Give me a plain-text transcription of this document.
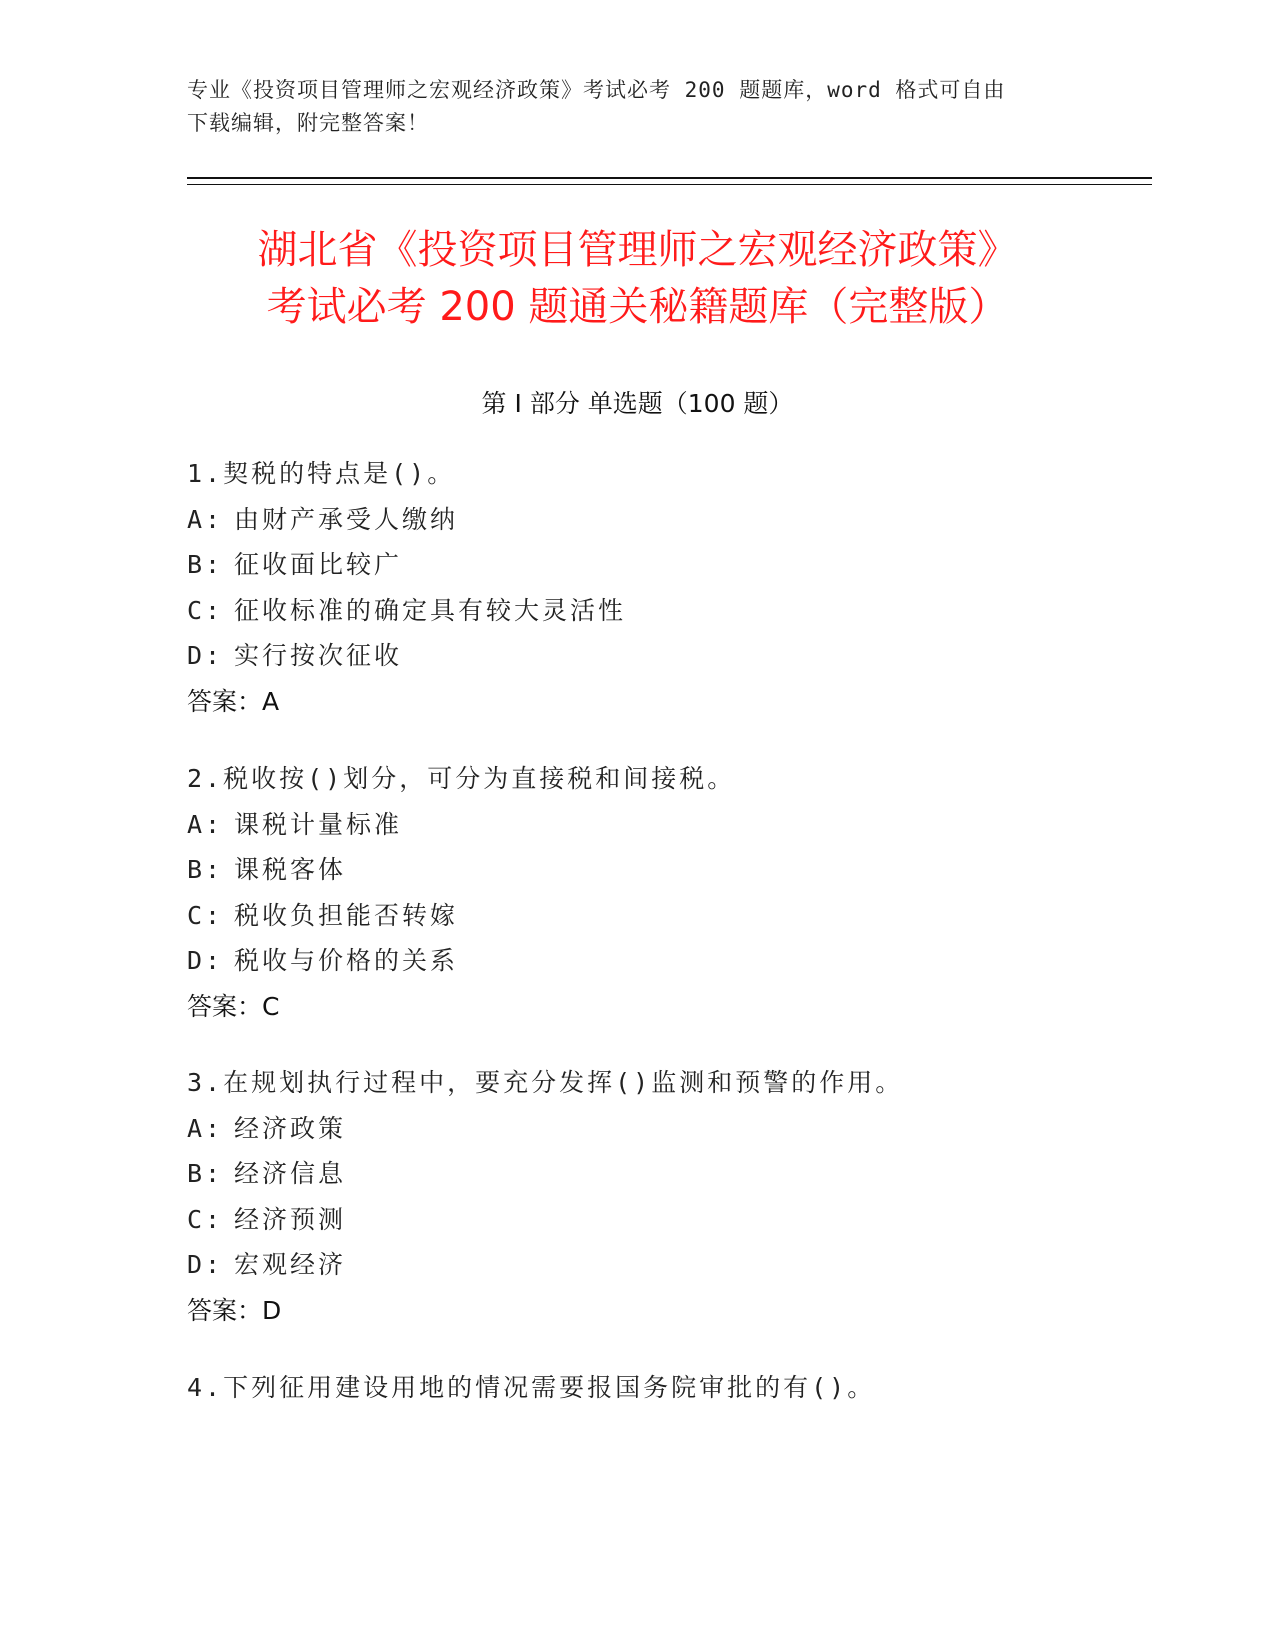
专业《投资项目管理师之宏观经济政策》考试必考 200 题题库，word 格式可自由
下载编辑，附完整答案！

湖北省《投资项目管理师之宏观经济政策》
考试必考 200 题通关秘籍题库（完整版）
第 I 部分 单选题（100 题）
1.契税的特点是()。
A: 由财产承受人缴纳
B: 征收面比较广
C: 征收标准的确定具有较大灵活性
D: 实行按次征收
答案：A
2.税收按()划分，可分为直接税和间接税。
A: 课税计量标准
B: 课税客体
C: 税收负担能否转嫁
D: 税收与价格的关系
答案：C
3.在规划执行过程中，要充分发挥()监测和预警的作用。
A: 经济政策
B: 经济信息
C: 经济预测
D: 宏观经济
答案：D
4.下列征用建设用地的情况需要报国务院审批的有()。
